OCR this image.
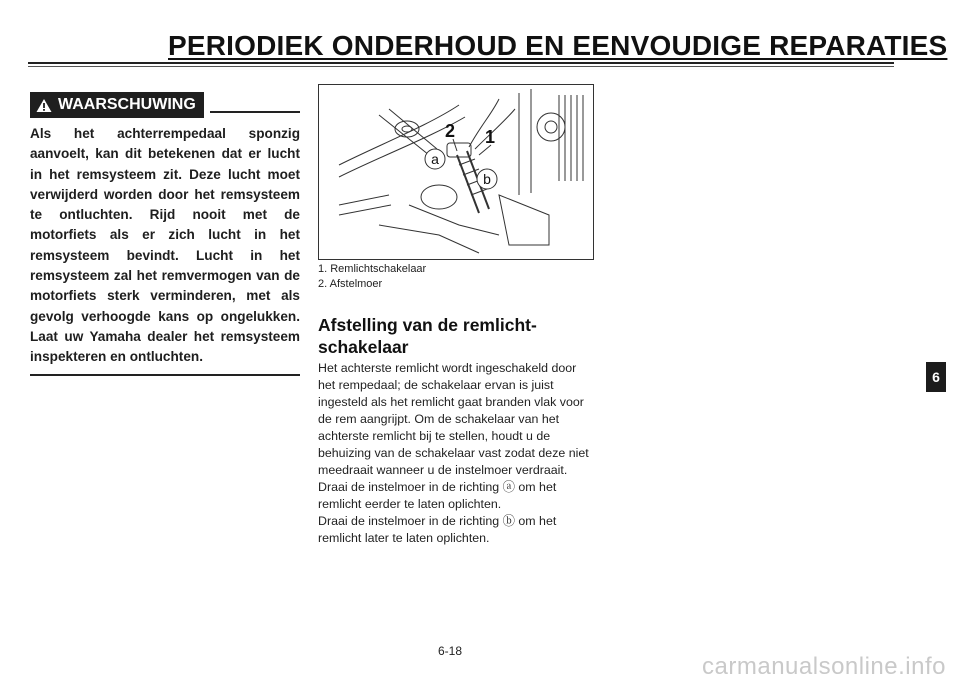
PERIODIEK ONDERHOUD EN EENVOUDIGE REPARATIES
WAARSCHUWING
Als het achterrempedaal sponzig aanvoelt, kan dit betekenen dat er lucht in het remsysteem zit. Deze lucht moet verwijderd worden door het remsysteem te ontluchten. Rijd nooit met de motorfiets als er zich lucht in het remsysteem bevindt. Lucht in het remsysteem zal het remvermogen van de motorfiets sterk verminderen, met als gevolg verhoogde kans op ongelukken. Laat uw Yamaha dealer het remsysteem inspekteren en ontluchten.
a
b
2 1
1. Remlichtschakelaar
2. Afstelmoer
Afstelling van de remlicht-schakelaar

Het achterste remlicht wordt ingeschakeld door het rempedaal; de schakelaar ervan is juist ingesteld als het remlicht gaat branden vlak voor de rem aangrijpt. Om de schakelaar van het achterste remlicht bij te stellen, houdt u de behuizing van de schakelaar vast zodat deze niet meedraait wanneer u de instelmoer verdraait.

Draai de instelmoer in de richting ⓐ om het remlicht eerder te laten oplichten.

Draai de instelmoer in de richting ⓑ om het remlicht later te laten oplichten.

6
6-18
carmanualsonline.info
